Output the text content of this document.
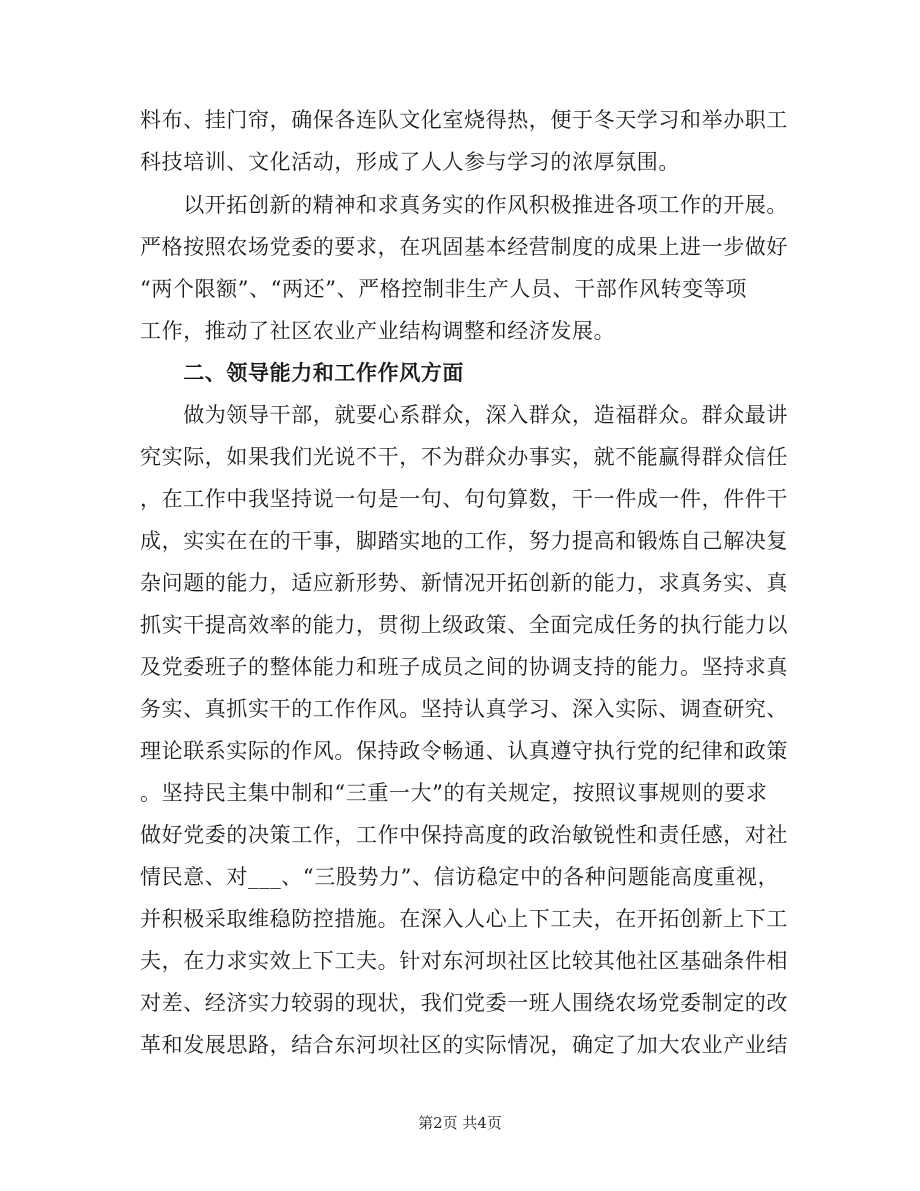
料布、挂门帘，确保各连队文化室烧得热，便于冬天学习和举办职工
科技培训、文化活动，形成了人人参与学习的浓厚氛围。
　　以开拓创新的精神和求真务实的作风积极推进各项工作的开展。
严格按照农场党委的要求，在巩固基本经营制度的成果上进一步做好
“两个限额”、“两还”、严格控制非生产人员、干部作风转变等项
工作，推动了社区农业产业结构调整和经济发展。
　　二、领导能力和工作作风方面
　　做为领导干部，就要心系群众，深入群众，造福群众。群众最讲
究实际，如果我们光说不干，不为群众办事实，就不能赢得群众信任
，在工作中我坚持说一句是一句、句句算数，干一件成一件，件件干
成，实实在在的干事，脚踏实地的工作，努力提高和锻炼自己解决复
杂问题的能力，适应新形势、新情况开拓创新的能力，求真务实、真
抓实干提高效率的能力，贯彻上级政策、全面完成任务的执行能力以
及党委班子的整体能力和班子成员之间的协调支持的能力。坚持求真
务实、真抓实干的工作作风。坚持认真学习、深入实际、调查研究、
理论联系实际的作风。保持政令畅通、认真遵守执行党的纪律和政策
。坚持民主集中制和“三重一大”的有关规定，按照议事规则的要求
做好党委的决策工作，工作中保持高度的政治敏锐性和责任感，对社
情民意、对___、“三股势力”、信访稳定中的各种问题能高度重视，
并积极采取维稳防控措施。在深入人心上下工夫，在开拓创新上下工
夫，在力求实效上下工夫。针对东河坝社区比较其他社区基础条件相
对差、经济实力较弱的现状，我们党委一班人围绕农场党委制定的改
革和发展思路，结合东河坝社区的实际情况，确定了加大农业产业结
第2页 共4页
